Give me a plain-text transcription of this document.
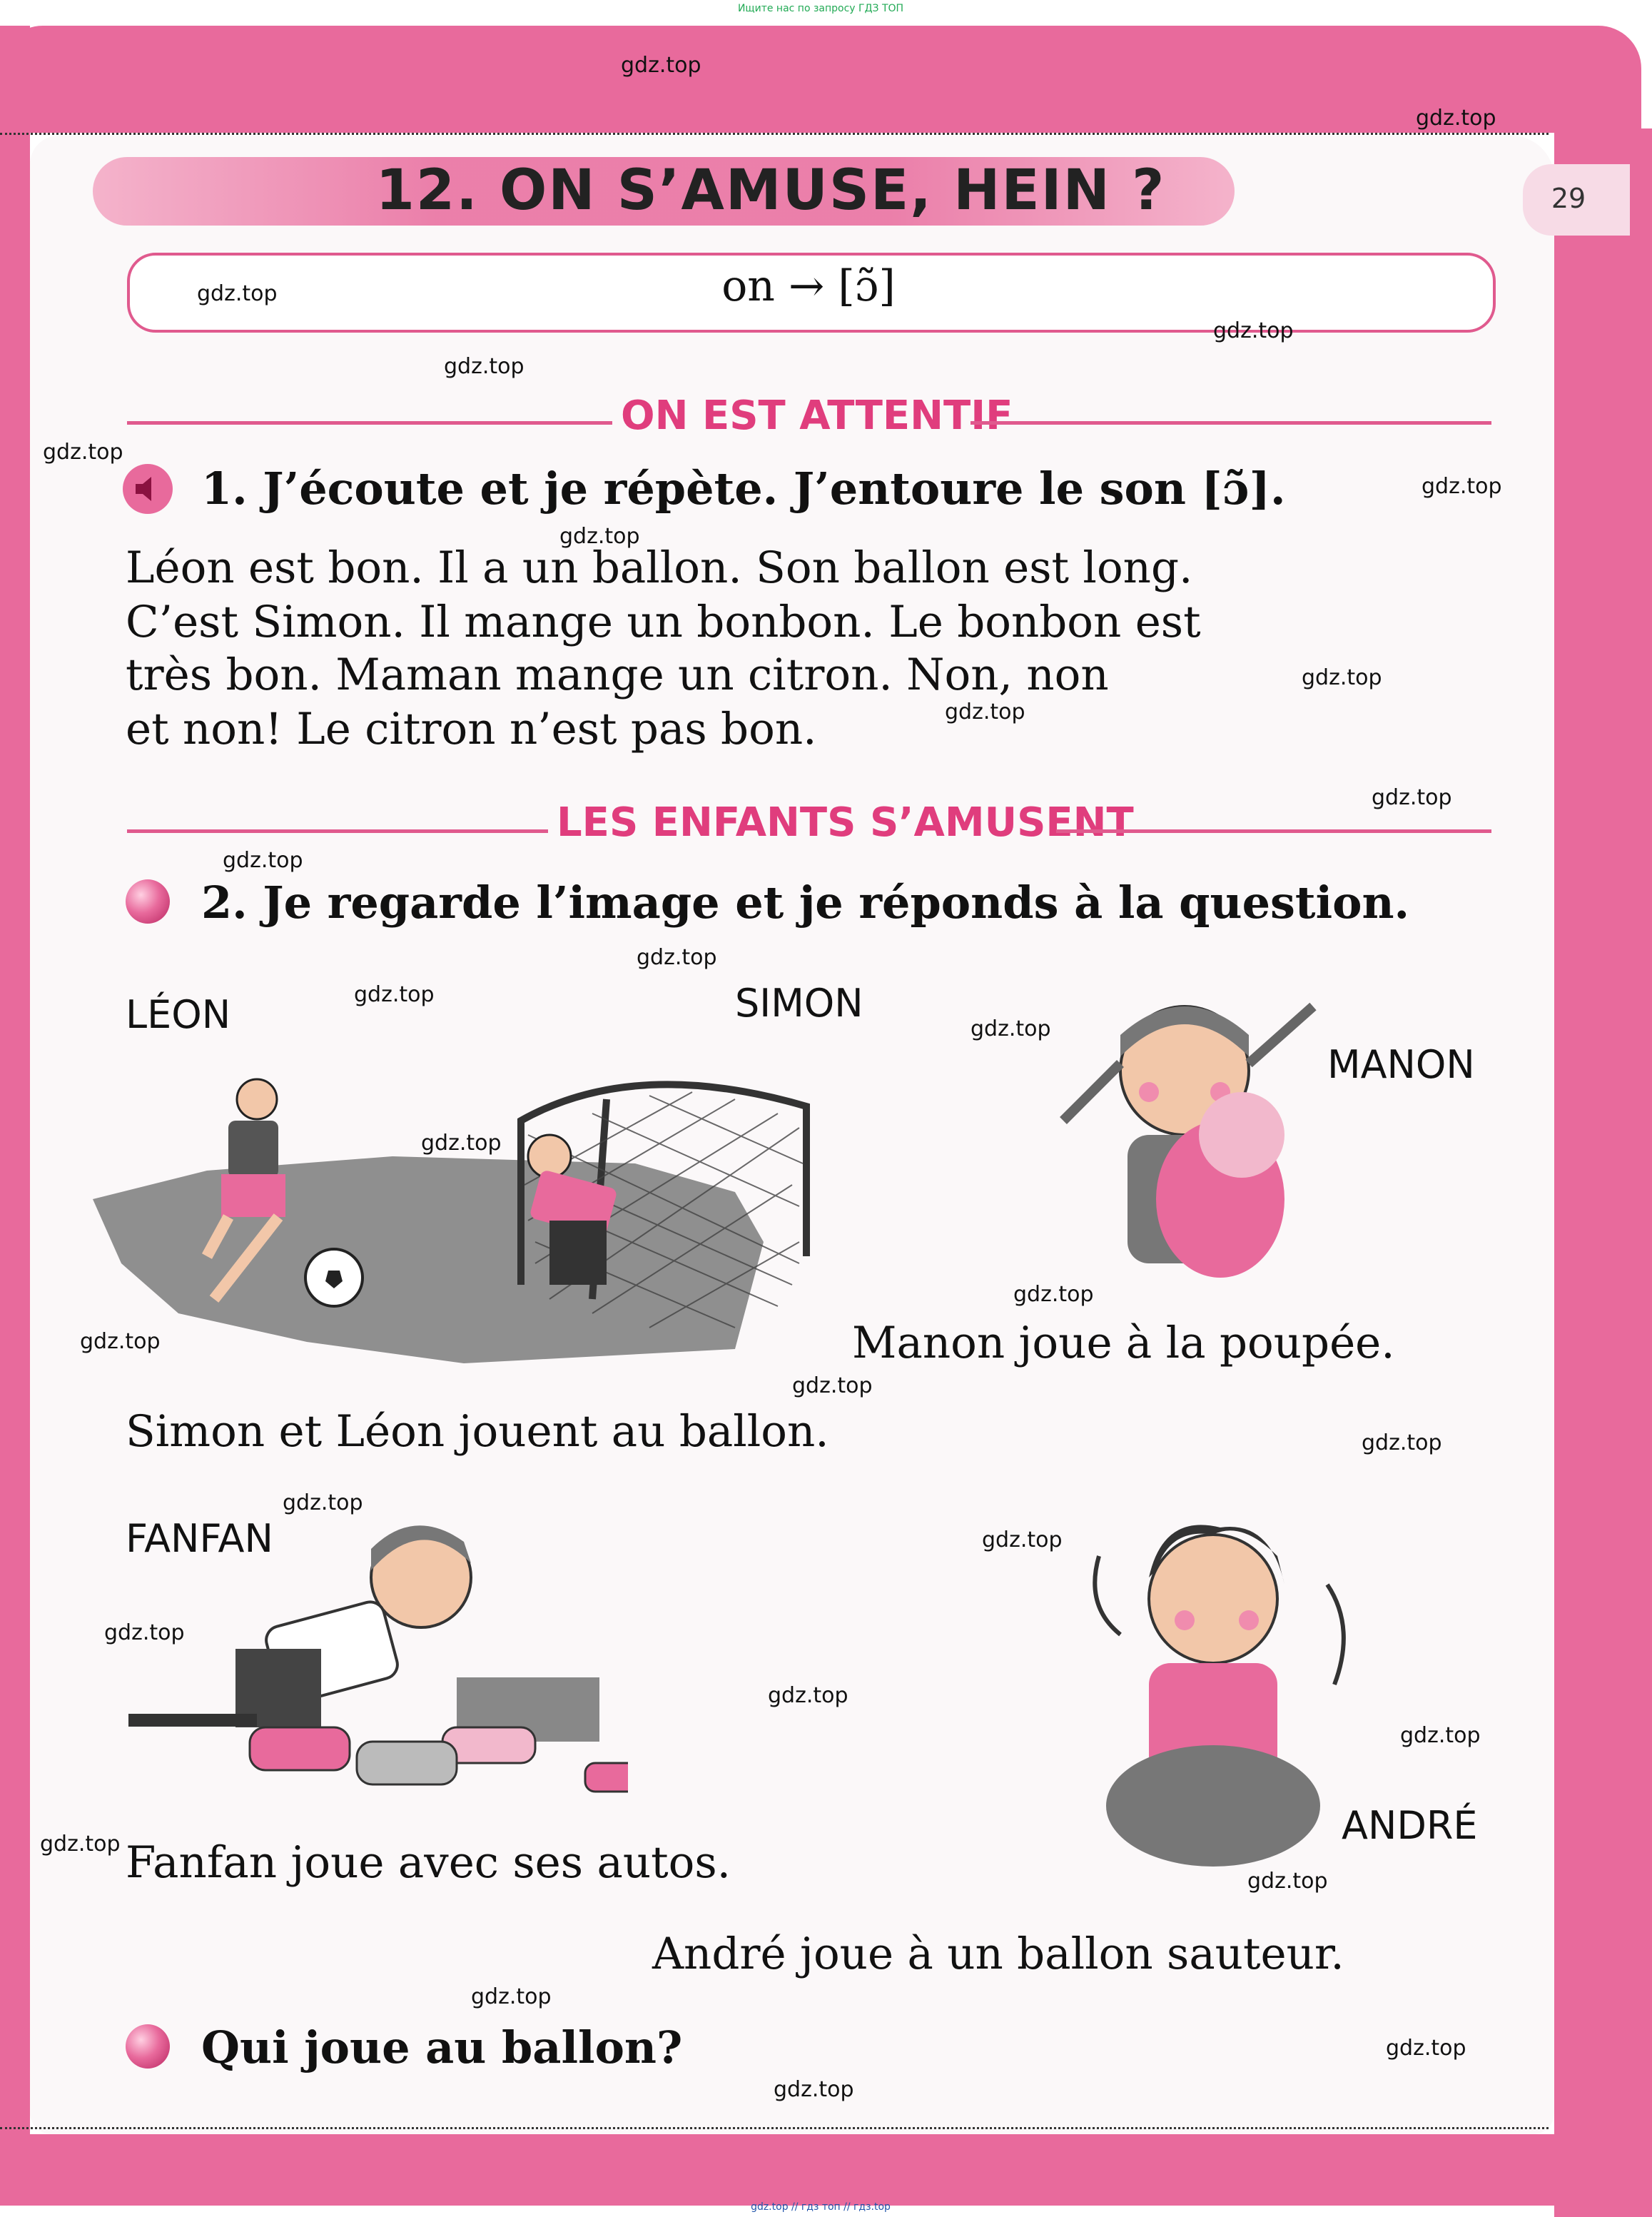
29
Ищите нас по запросу ГДЗ ТОП
gdz.top // гдз топ // гдз.top
12. ON S’AMUSE, HEIN ?
on → [ɔ̃]
ON EST ATTENTIF
1. J’écoute et je répète. J’entoure le son [ɔ̃].
Léon est bon. Il a un ballon. Son ballon est long.
C’est Simon. Il mange un bonbon. Le bonbon est
très bon. Maman mange un citron. Non, non
et non! Le citron n’est pas bon.
LES ENFANTS S’AMUSENT
2. Je regarde l’image et je réponds à la question.
LÉON	SIMON
MANON
Manon joue à la poupée.
Simon et Léon jouent au ballon.
FANFAN
ANDRÉ
Fanfan joue avec ses autos.
André joue à un ballon sauteur.
Qui joue au ballon?
gdz.top
gdz.top
gdz.top
gdz.top
gdz.top
gdz.top
gdz.top
gdz.top
gdz.top
gdz.top
gdz.top
gdz.top
gdz.top
gdz.top
gdz.top
gdz.top
gdz.top
gdz.top
gdz.top
gdz.top
gdz.top
gdz.top
gdz.top
gdz.top
gdz.top
gdz.top
gdz.top
gdz.top
gdz.top
gdz.top
